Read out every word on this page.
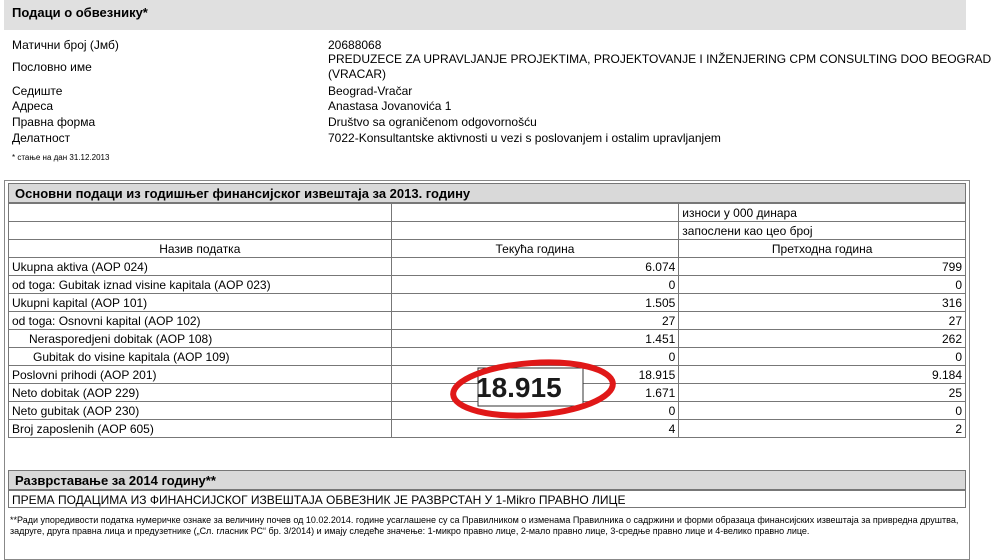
Подаци о обвезнику*
Матични број (Јмб)	20688068
Пословно име
PREDUZECE ZA UPRAVLJANJE PROJEKTIMA, PROJEKTOVANJE I INŽENJERING CPM CONSULTING DOO BEOGRAD
(VRACAR)
Седиште	Beograd-Vračar
Адреса	Anastasa Jovanovića 1
Правна форма	Društvo sa ograničenom odgovornošću
Делатност	7022-Konsultantske aktivnosti u vezi s poslovanjem i ostalim upravljanjem
* стање на дан 31.12.2013
Основни подаци из годишњег финансијског извештаја за 2013. годину
		износи у 000 динара
		запослени као цео број
Назив податка	Текућа година	Претходна година
Ukupna aktiva (AOP 024)	6.074	799
od toga: Gubitak iznad visine kapitala (AOP 023)	0	0
Ukupni kapital (AOP 101)	1.505	316
od toga: Osnovni kapital (AOP 102)	27	27
Nerasporedjeni dobitak (AOP 108)	1.451	262
Gubitak do visine kapitala (AOP 109)	0	0
Poslovni prihodi (AOP 201)	18.915	9.184
Neto dobitak (AOP 229)	1.671	25
Neto gubitak (AOP 230)	0	0
Broj zaposlenih (AOP 605)	4	2
18.915
Разврставање за 2014 годину**
ПРЕМА ПОДАЦИМА ИЗ ФИНАНСИЈСКОГ ИЗВЕШТАЈА ОБВЕЗНИК ЈЕ РАЗВРСТАН У 1-Mikro ПРАВНО ЛИЦЕ
**Ради упоредивости податка нумеричке ознаке за величину почев од 10.02.2014. године усаглашене су са Правилником о изменама Правилника о садржини и форми образаца финансијских извештаја за привредна друштва, задруге, друга правна лица и предузетнике („Сл. гласник РС“ бр. 3/2014) и имају следеће значење: 1-микро правно лице, 2-мало правно лице, 3-средње правно лице и 4-велико правно лице.
